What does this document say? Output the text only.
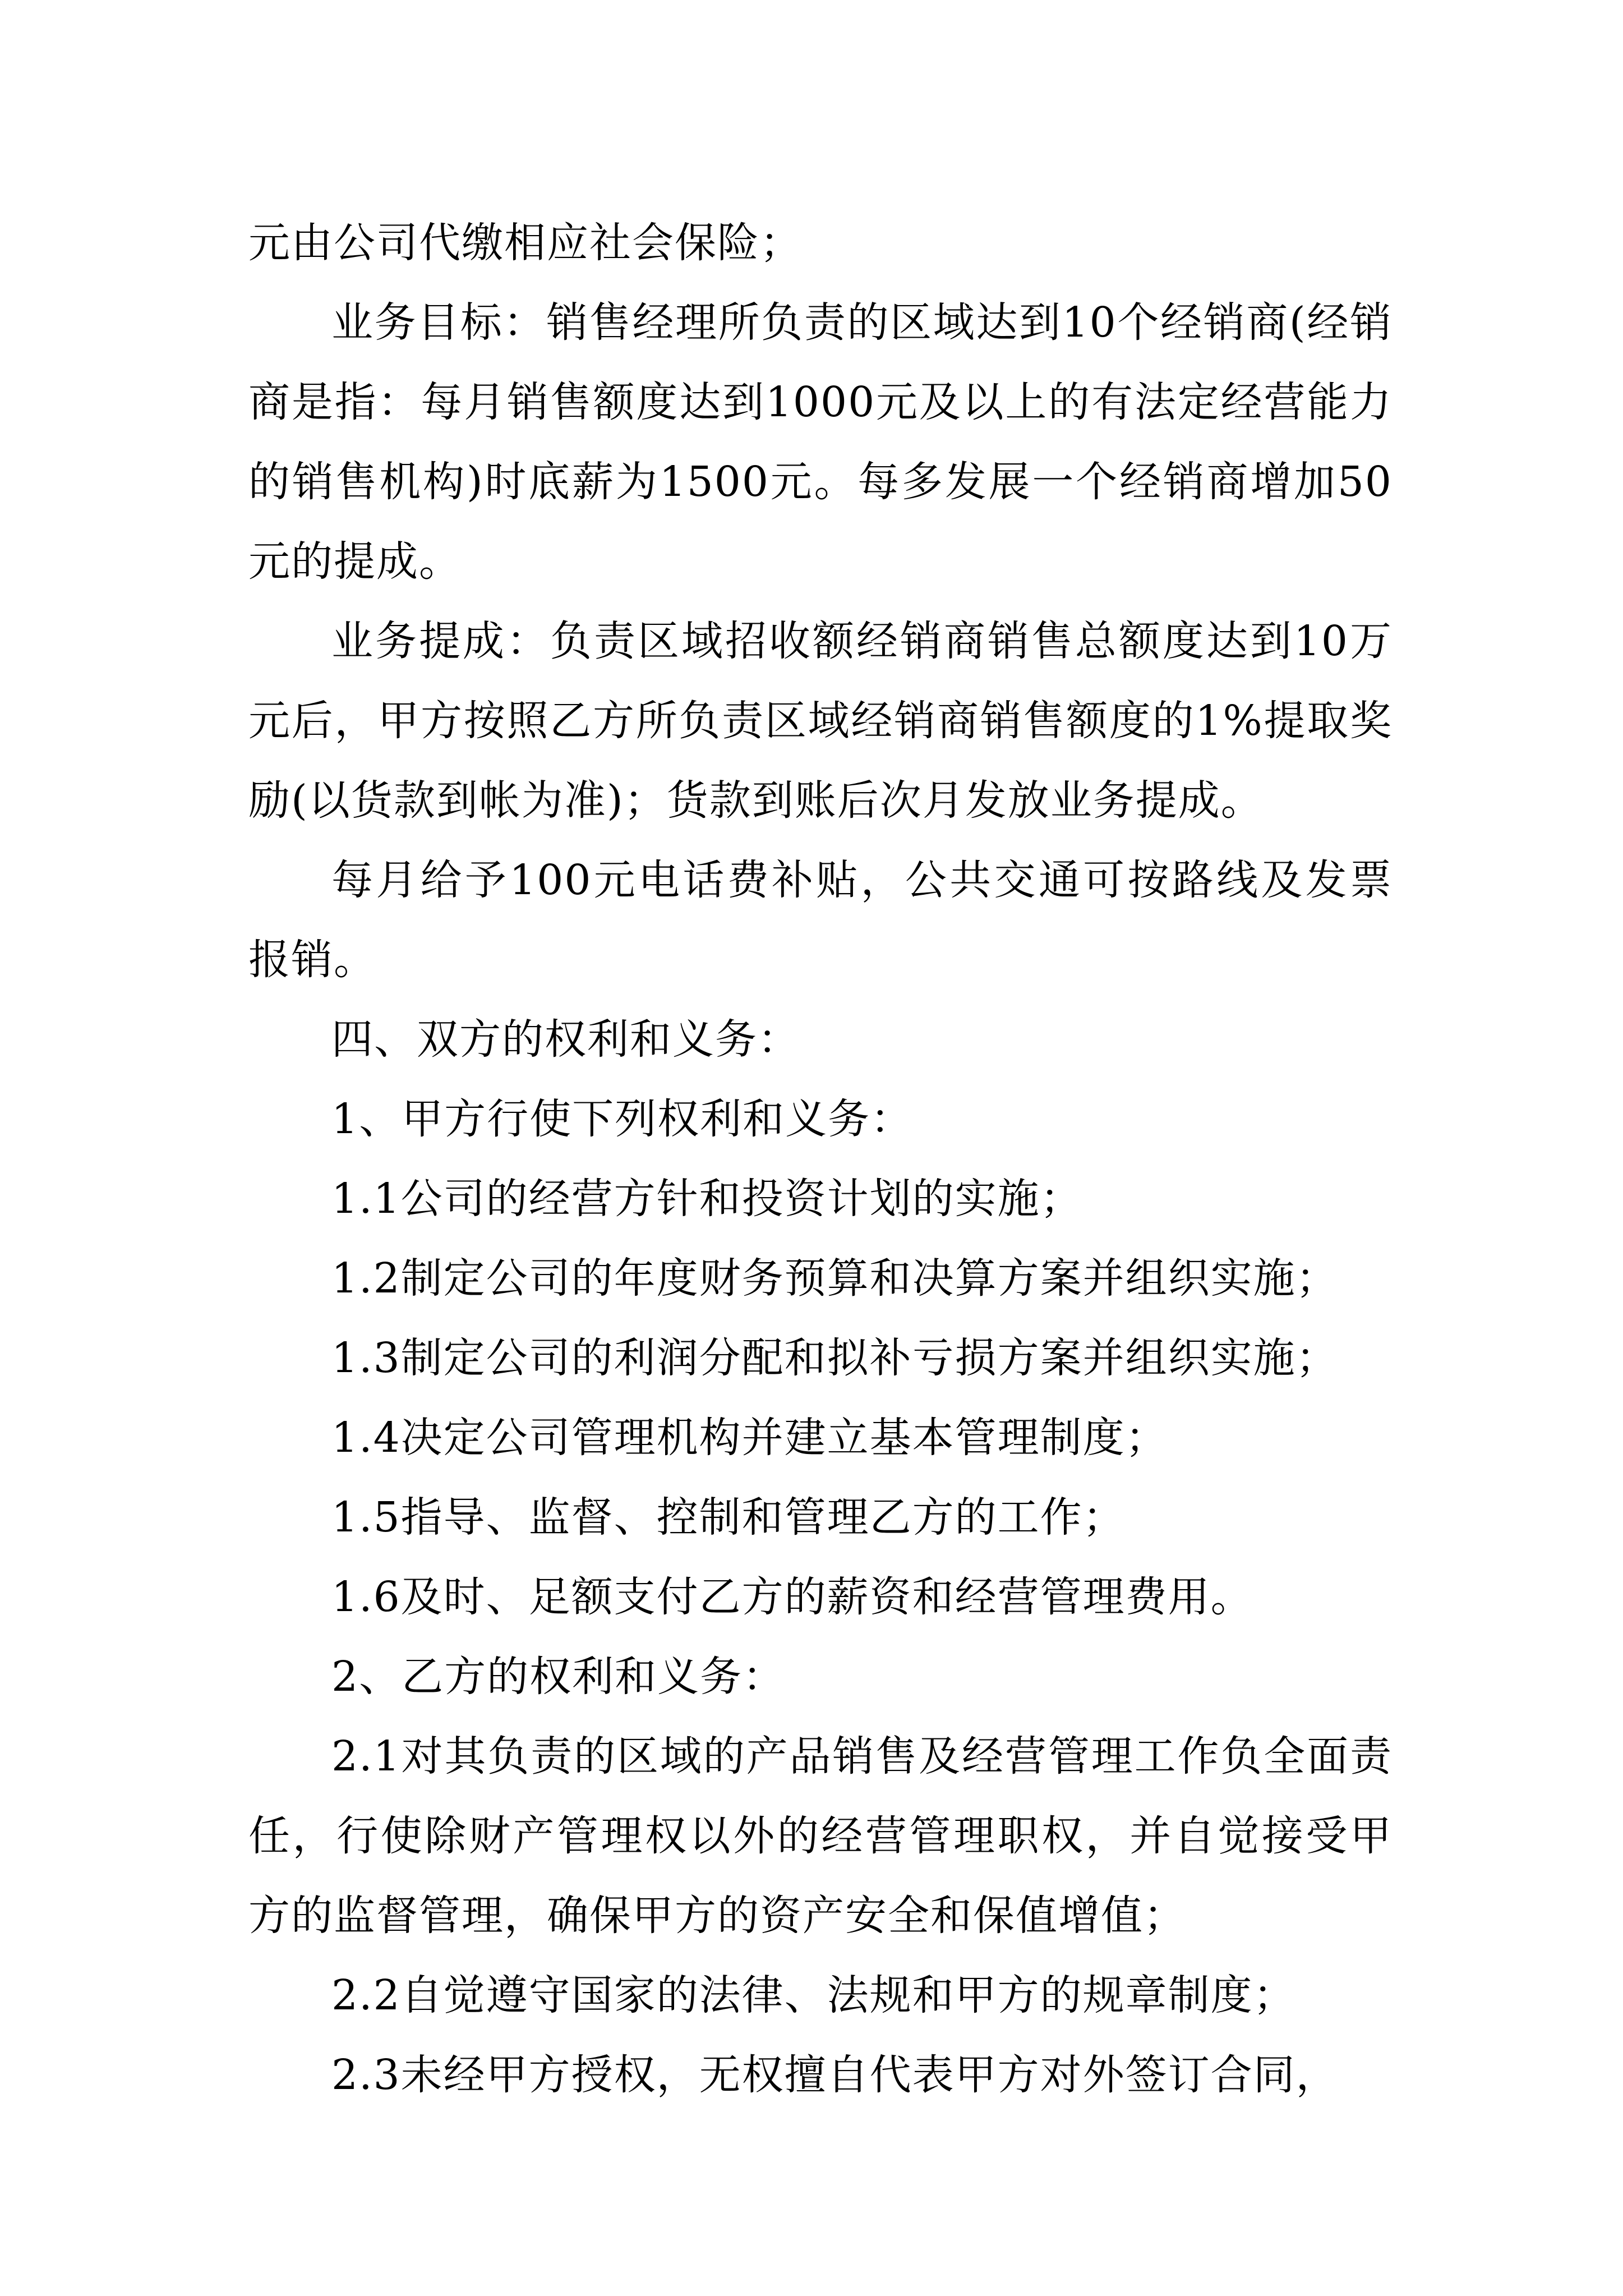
元由公司代缴相应社会保险；

业务目标：销售经理所负责的区域达到10个经销商(经销商是指：每月销售额度达到1000元及以上的有法定经营能力的销售机构)时底薪为1500元。每多发展一个经销商增加50元的提成。

业务提成：负责区域招收额经销商销售总额度达到10万元后，甲方按照乙方所负责区域经销商销售额度的1%提取奖励(以货款到帐为准)；货款到账后次月发放业务提成。

每月给予100元电话费补贴，公共交通可按路线及发票报销。

四、双方的权利和义务：

1、甲方行使下列权利和义务：

1.1公司的经营方针和投资计划的实施；

1.2制定公司的年度财务预算和决算方案并组织实施；

1.3制定公司的利润分配和拟补亏损方案并组织实施；

1.4决定公司管理机构并建立基本管理制度；

1.5指导、监督、控制和管理乙方的工作；

1.6及时、足额支付乙方的薪资和经营管理费用。

2、乙方的权利和义务：

2.1对其负责的区域的产品销售及经营管理工作负全面责任，行使除财产管理权以外的经营管理职权，并自觉接受甲方的监督管理，确保甲方的资产安全和保值增值；

2.2自觉遵守国家的法律、法规和甲方的规章制度；

2.3未经甲方授权，无权擅自代表甲方对外签订合同，
